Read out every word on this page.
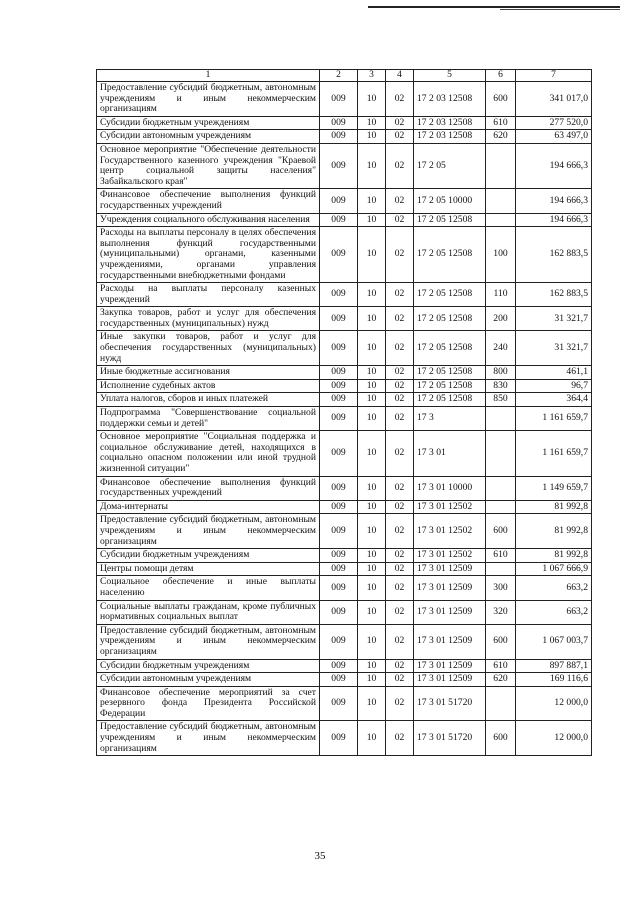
1	2	3	4	5	6	7
Предоставление субсидий бюджетным, автономным учреждениям и иным некоммерческим организациям	009	10	02	17 2 03 12508	600	341 017,0
Субсидии бюджетным учреждениям	009	10	02	17 2 03 12508	610	277 520,0
Субсидии автономным учреждениям	009	10	02	17 2 03 12508	620	63 497,0
Основное мероприятие "Обеспечение деятельности Государственного казенного учреждения "Краевой центр социальной защиты населения" Забайкальского края"	009	10	02	17 2 05		194 666,3
Финансовое обеспечение выполнения функций государственных учреждений	009	10	02	17 2 05 10000		194 666,3
Учреждения социального обслуживания населения	009	10	02	17 2 05 12508		194 666,3
Расходы на выплаты персоналу в целях обеспечения выполнения функций государственными (муниципальными) органами, казенными учреждениями, органами управления государственными внебюджетными фондами	009	10	02	17 2 05 12508	100	162 883,5
Расходы на выплаты персоналу казенных учреждений	009	10	02	17 2 05 12508	110	162 883,5
Закупка товаров, работ и услуг для обеспечения государственных (муниципальных) нужд	009	10	02	17 2 05 12508	200	31 321,7
Иные закупки товаров, работ и услуг для обеспечения государственных (муниципальных) нужд	009	10	02	17 2 05 12508	240	31 321,7
Иные бюджетные ассигнования	009	10	02	17 2 05 12508	800	461,1
Исполнение судебных актов	009	10	02	17 2 05 12508	830	96,7
Уплата налогов, сборов и иных платежей	009	10	02	17 2 05 12508	850	364,4
Подпрограмма "Совершенствование социальной поддержки семьи и детей"	009	10	02	17 3		1 161 659,7
Основное мероприятие "Социальная поддержка и социальное обслуживание детей, находящихся в социально опасном положении или иной трудной жизненной ситуации"	009	10	02	17 3 01		1 161 659,7
Финансовое обеспечение выполнения функций государственных учреждений	009	10	02	17 3 01 10000		1 149 659,7
Дома-интернаты	009	10	02	17 3 01 12502		81 992,8
Предоставление субсидий бюджетным, автономным учреждениям и иным некоммерческим организациям	009	10	02	17 3 01 12502	600	81 992,8
Субсидии бюджетным учреждениям	009	10	02	17 3 01 12502	610	81 992,8
Центры помощи детям	009	10	02	17 3 01 12509		1 067 666,9
Социальное обеспечение и иные выплаты населению	009	10	02	17 3 01 12509	300	663,2
Социальные выплаты гражданам, кроме публичных нормативных социальных выплат	009	10	02	17 3 01 12509	320	663,2
Предоставление субсидий бюджетным, автономным учреждениям и иным некоммерческим организациям	009	10	02	17 3 01 12509	600	1 067 003,7
Субсидии бюджетным учреждениям	009	10	02	17 3 01 12509	610	897 887,1
Субсидии автономным учреждениям	009	10	02	17 3 01 12509	620	169 116,6
Финансовое обеспечение мероприятий за счет резервного фонда Президента Российской Федерации	009	10	02	17 3 01 51720		12 000,0
Предоставление субсидий бюджетным, автономным учреждениям и иным некоммерческим организациям	009	10	02	17 3 01 51720	600	12 000,0
35
